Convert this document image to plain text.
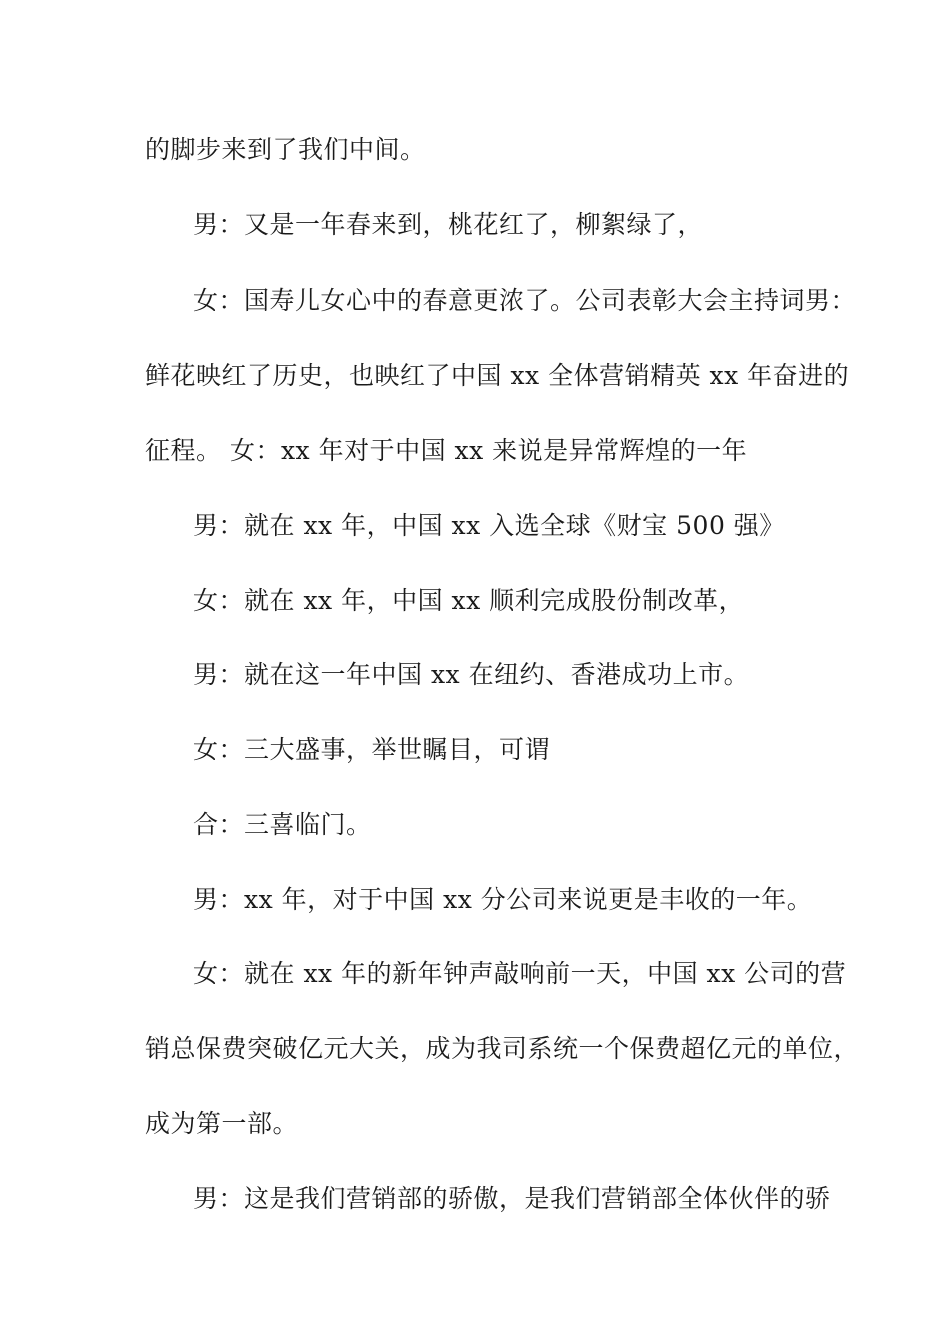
的脚步来到了我们中间。
男：又是一年春来到，桃花红了，柳絮绿了，
女：国寿儿女心中的春意更浓了。公司表彰大会主持词男：
鲜花映红了历史，也映红了中国 xx 全体营销精英 xx 年奋进的
征程。 女：xx 年对于中国 xx 来说是异常辉煌的一年
男：就在 xx 年，中国 xx 入选全球《财宝 500 强》
女：就在 xx 年，中国 xx 顺利完成股份制改革，
男：就在这一年中国 xx 在纽约、香港成功上市。
女：三大盛事，举世瞩目，可谓
合：三喜临门。
男：xx 年，对于中国 xx 分公司来说更是丰收的一年。
女：就在 xx 年的新年钟声敲响前一天，中国 xx 公司的营
销总保费突破亿元大关，成为我司系统一个保费超亿元的单位，
成为第一部。
男：这是我们营销部的骄傲，是我们营销部全体伙伴的骄
